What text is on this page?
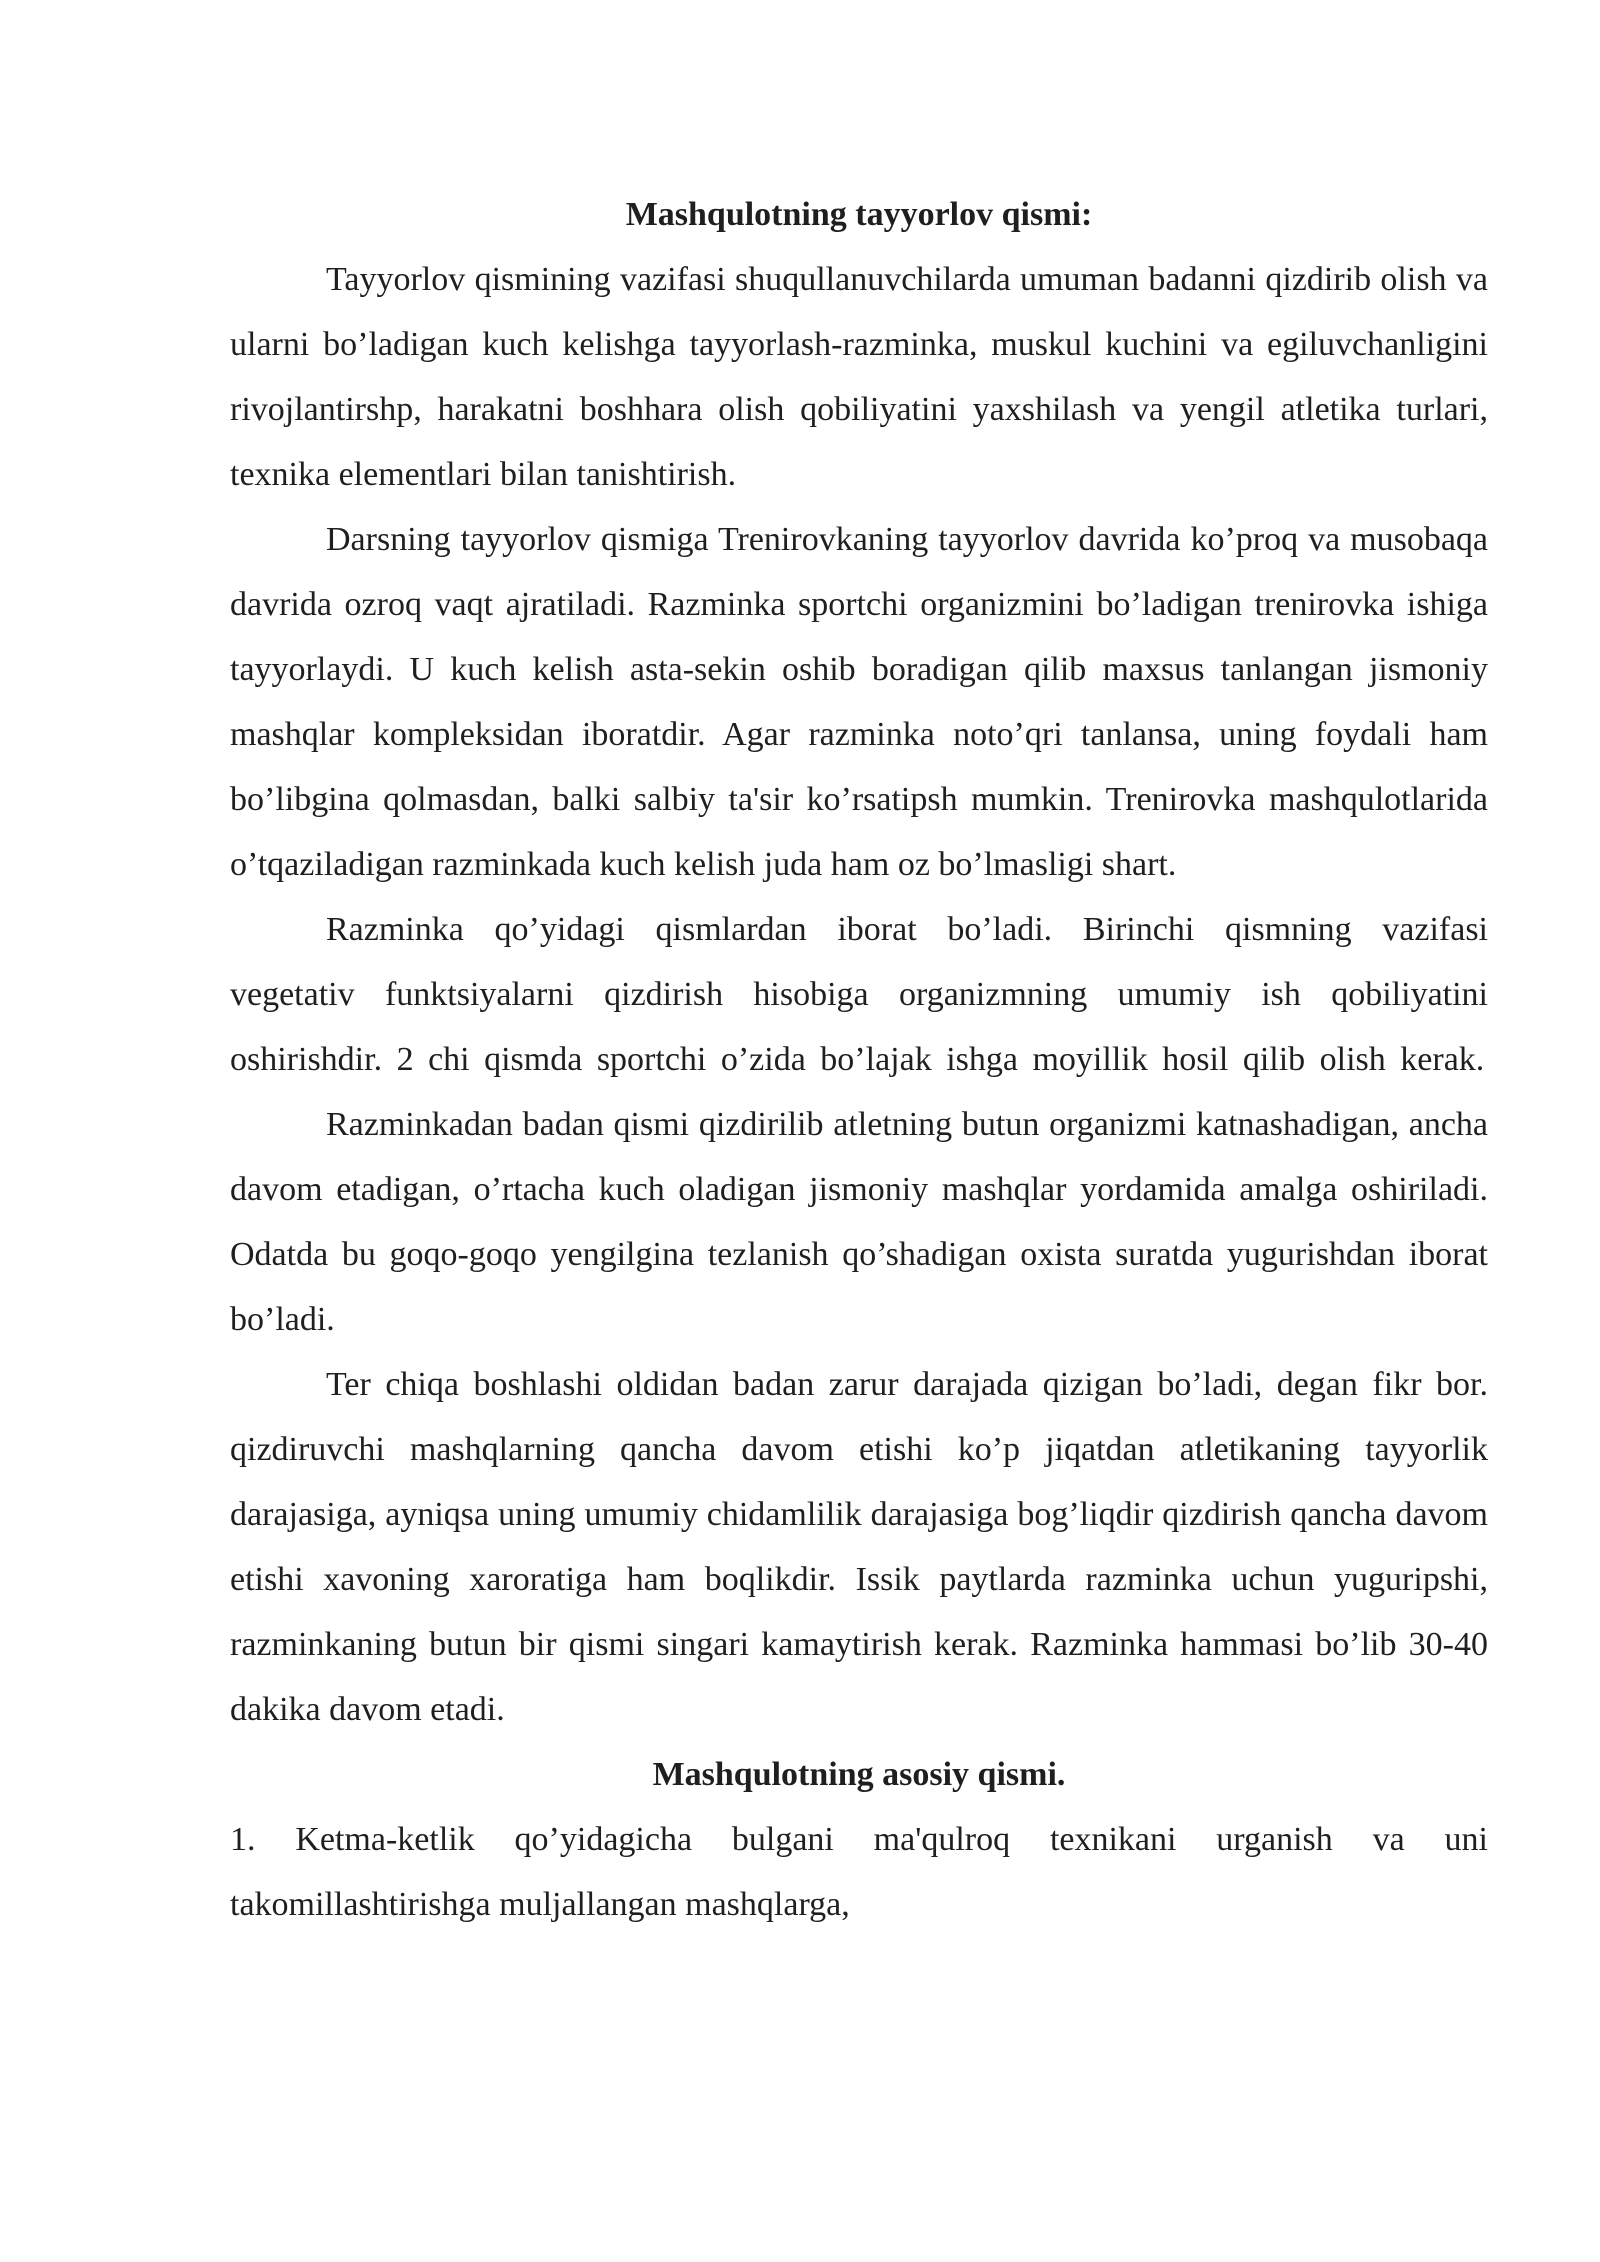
Mashqulotning tayyorlov qismi:

Tayyorlov qismining vazifasi shuqullanuvchilarda umuman badanni qizdirib olish va ularni bo’ladigan kuch kelishga tayyorlash-razminka, muskul kuchini va egiluvchanligini rivojlantirshp, harakatni boshhara olish qobiliyatini yaxshilash va yengil atletika turlari, texnika elementlari bilan tanishtirish.

Darsning tayyorlov qismiga Trenirovkaning tayyorlov davrida ko’proq va musobaqa davrida ozroq vaqt ajratiladi. Razminka sportchi organizmini bo’ladigan trenirovka ishiga tayyorlaydi. U kuch kelish asta-sekin oshib boradigan qilib maxsus tanlangan jismoniy mashqlar kompleksidan iboratdir. Agar razminka noto’qri tanlansa, uning foydali ham bo’libgina qolmasdan, balki salbiy ta'sir ko’rsatipsh mumkin. Trenirovka mashqulotlarida o’tqaziladigan razminkada kuch kelish juda ham oz bo’lmasligi shart.

Razminka qo’yidagi qismlardan iborat bo’ladi. Birinchi qismning vazifasi vegetativ funktsiyalarni qizdirish hisobiga organizmning umumiy ish qobiliyatini oshirishdir. 2 chi qismda sportchi o’zida bo’lajak ishga moyillik hosil qilib olish kerak.

Razminkadan badan qismi qizdirilib atletning butun organizmi katnashadigan, ancha davom etadigan, o’rtacha kuch oladigan jismoniy mashqlar yordamida amalga oshiriladi. Odatda bu goqo-goqo yengilgina tezlanish qo’shadigan oxista suratda yugurishdan iborat bo’ladi.

Ter chiqa boshlashi oldidan badan zarur darajada qizigan bo’ladi, degan fikr bor. qizdiruvchi mashqlarning qancha davom etishi ko’p jiqatdan atletikaning tayyorlik darajasiga, ayniqsa uning umumiy chidamlilik darajasiga bog’liqdir qizdirish qancha davom etishi xavoning xaroratiga ham boqlikdir. Issik paytlarda razminka uchun yuguripshi, razminkaning butun bir qismi singari kamaytirish kerak. Razminka hammasi bo’lib 30-40 dakika davom etadi.

Mashqulotning asosiy qismi.

1. Ketma-ketlik qo’yidagicha bulgani ma'qulroq texnikani urganish va uni takomillashtirishga muljallangan mashqlarga,
